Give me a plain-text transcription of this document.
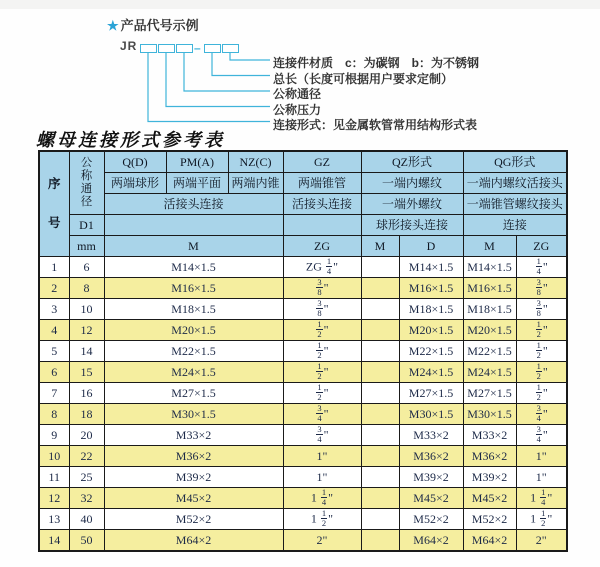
★ 产品代号示例
JR	–
连接件材质　c：为碳钢　b：为不锈钢
总长（长度可根据用户要求定制）
公称通径
公称压力
连接形式：见金属软管常用结构形式表
螺母连接形式参考表
序
号	公
称
通
径	Q(D)	PM(A)	NZ(C)	GZ	QZ形式		QG形式	
		两端球形	两端平面	两端内锥	两端锥管	一端内螺纹		一端内螺纹活接头	
		活接头连接			活接头连接	一端外螺纹		一端锥管螺纹接头	
	D1					球形接头连接		连接	
	mm	M			ZG	M	D	M	ZG
1	6	M14×1.5			ZG $\frac{1}{4}$ "		M14×1.5	M14×1.5	$\frac{1}{4}$ "
2	8	M16×1.5			$\frac{3}{8}$ "		M16×1.5	M16×1.5	$\frac{3}{8}$ "
3	10	M18×1.5			$\frac{3}{8}$ "		M18×1.5	M18×1.5	$\frac{3}{8}$ "
4	12	M20×1.5			$\frac{1}{2}$ "		M20×1.5	M20×1.5	$\frac{1}{2}$ "
5	14	M22×1.5			$\frac{1}{2}$ "		M22×1.5	M22×1.5	$\frac{1}{2}$ "
6	15	M24×1.5			$\frac{1}{2}$ "		M24×1.5	M24×1.5	$\frac{1}{2}$ "
7	16	M27×1.5			$\frac{1}{2}$ "		M27×1.5	M27×1.5	$\frac{1}{2}$ "
8	18	M30×1.5			$\frac{3}{4}$ "		M30×1.5	M30×1.5	$\frac{3}{4}$ "
9	20	M33×2			$\frac{3}{4}$ "		M33×2	M33×2	$\frac{3}{4}$ "
10	22	M36×2			1"		M36×2	M36×2	1"
11	25	M39×2			1"		M39×2	M39×2	1"
12	32	M45×2			$1 \frac{1}{4}$ "		M45×2	M45×2	$1 \frac{1}{4}$ "
13	40	M52×2			$1 \frac{1}{2}$ "		M52×2	M52×2	$1 \frac{1}{2}$ "
14	50	M64×2			2"		M64×2	M64×2	2"
